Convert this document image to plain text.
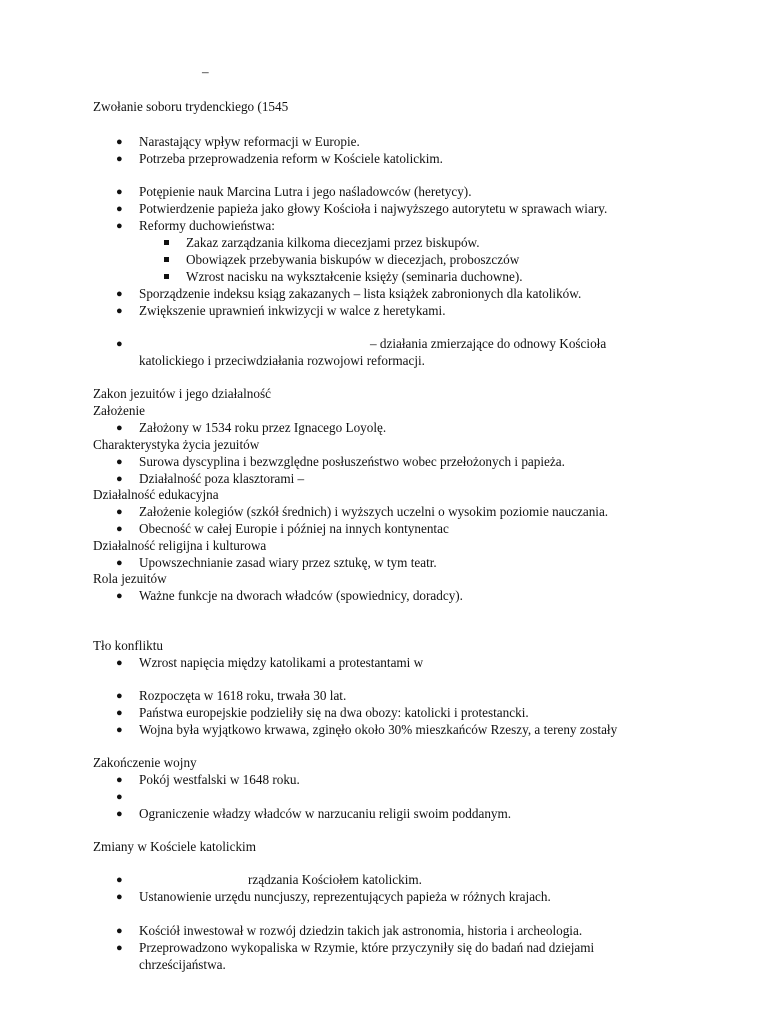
–
Zwołanie soboru trydenckiego (1545
● Narastający wpływ reformacji w Europie.
● Potrzeba przeprowadzenia reform w Kościele katolickim.
● Potępienie nauk Marcina Lutra i jego naśladowców (heretycy).
● Potwierdzenie papieża jako głowy Kościoła i najwyższego autorytetu w sprawach wiary.
● Reformy duchowieństwa:
Zakaz zarządzania kilkoma diecezjami przez biskupów.
Obowiązek przebywania biskupów w diecezjach, proboszczów
Wzrost nacisku na wykształcenie księży (seminaria duchowne).
● Sporządzenie indeksu ksiąg zakazanych – lista książek zabronionych dla katolików.
● Zwiększenie uprawnień inkwizycji w walce z heretykami.
●	– działania zmierzające do odnowy Kościoła
katolickiego i przeciwdziałania rozwojowi reformacji.
Zakon jezuitów i jego działalność
Założenie
● Założony w 1534 roku przez Ignacego Loyolę.
Charakterystyka życia jezuitów
● Surowa dyscyplina i bezwzględne posłuszeństwo wobec przełożonych i papieża.
● Działalność poza klasztorami –
Działalność edukacyjna
● Założenie kolegiów (szkół średnich) i wyższych uczelni o wysokim poziomie nauczania.
● Obecność w całej Europie i później na innych kontynentac
Działalność religijna i kulturowa
● Upowszechnianie zasad wiary przez sztukę, w tym teatr.
Rola jezuitów
● Ważne funkcje na dworach władców (spowiednicy, doradcy).
Tło konfliktu
● Wzrost napięcia między katolikami a protestantami w
● Rozpoczęta w 1618 roku, trwała 30 lat.
● Państwa europejskie podzieliły się na dwa obozy: katolicki i protestancki.
● Wojna była wyjątkowo krwawa, zginęło około 30% mieszkańców Rzeszy, a tereny zostały
Zakończenie wojny
● Pokój westfalski w 1648 roku.
●
● Ograniczenie władzy władców w narzucaniu religii swoim poddanym.
Zmiany w Kościele katolickim
●	rządzania Kościołem katolickim.
● Ustanowienie urzędu nuncjuszy, reprezentujących papieża w różnych krajach.
● Kościół inwestował w rozwój dziedzin takich jak astronomia, historia i archeologia.
● Przeprowadzono wykopaliska w Rzymie, które przyczyniły się do badań nad dziejami
chrześcijaństwa.
